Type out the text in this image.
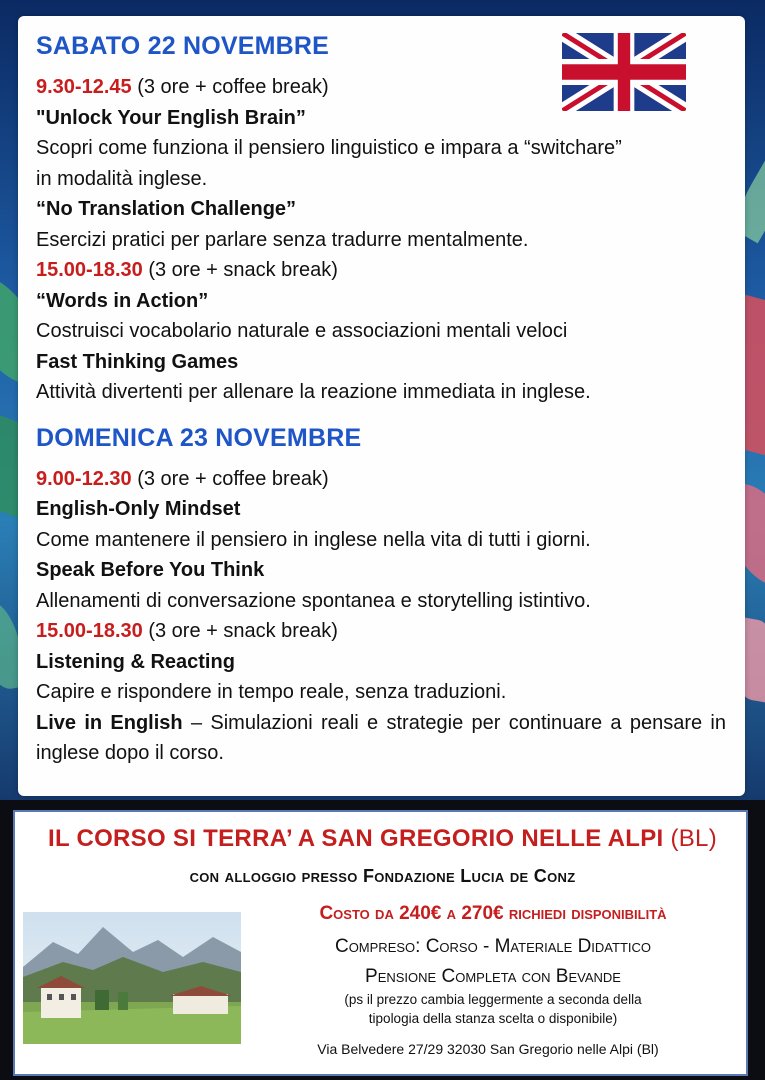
SABATO 22 NOVEMBRE
9.30-12.45 (3 ore + coffee break)
"Unlock Your English Brain”
Scopri come funziona il pensiero linguistico e impara a “switchare”
in modalità inglese.
“No Translation Challenge”
Esercizi pratici per parlare senza tradurre mentalmente.
15.00-18.30 (3 ore + snack break)
“Words in Action”
Costruisci vocabolario naturale e associazioni mentali veloci
Fast Thinking Games
Attività divertenti per allenare la reazione immediata in inglese.
DOMENICA 23 NOVEMBRE
9.00-12.30 (3 ore + coffee break)
English-Only Mindset
Come mantenere il pensiero in inglese nella vita di tutti i giorni.
Speak Before You Think
Allenamenti di conversazione spontanea e storytelling istintivo.
15.00-18.30 (3 ore + snack break)
Listening & Reacting
Capire e rispondere in tempo reale, senza traduzioni.
Live in English – Simulazioni reali e strategie per continuare a pensare in inglese dopo il corso.
IL CORSO SI TERRA’ A SAN GREGORIO NELLE ALPI (BL)
con alloggio presso Fondazione Lucia de Conz
Costo da 240€ a 270€ richiedi disponibilità
Compreso: Corso - Materiale Didattico
Pensione Completa con Bevande
(ps il prezzo cambia leggermente a seconda della
tipologia della stanza scelta o disponibile)
Via Belvedere 27/29 32030 San Gregorio nelle Alpi (Bl)
